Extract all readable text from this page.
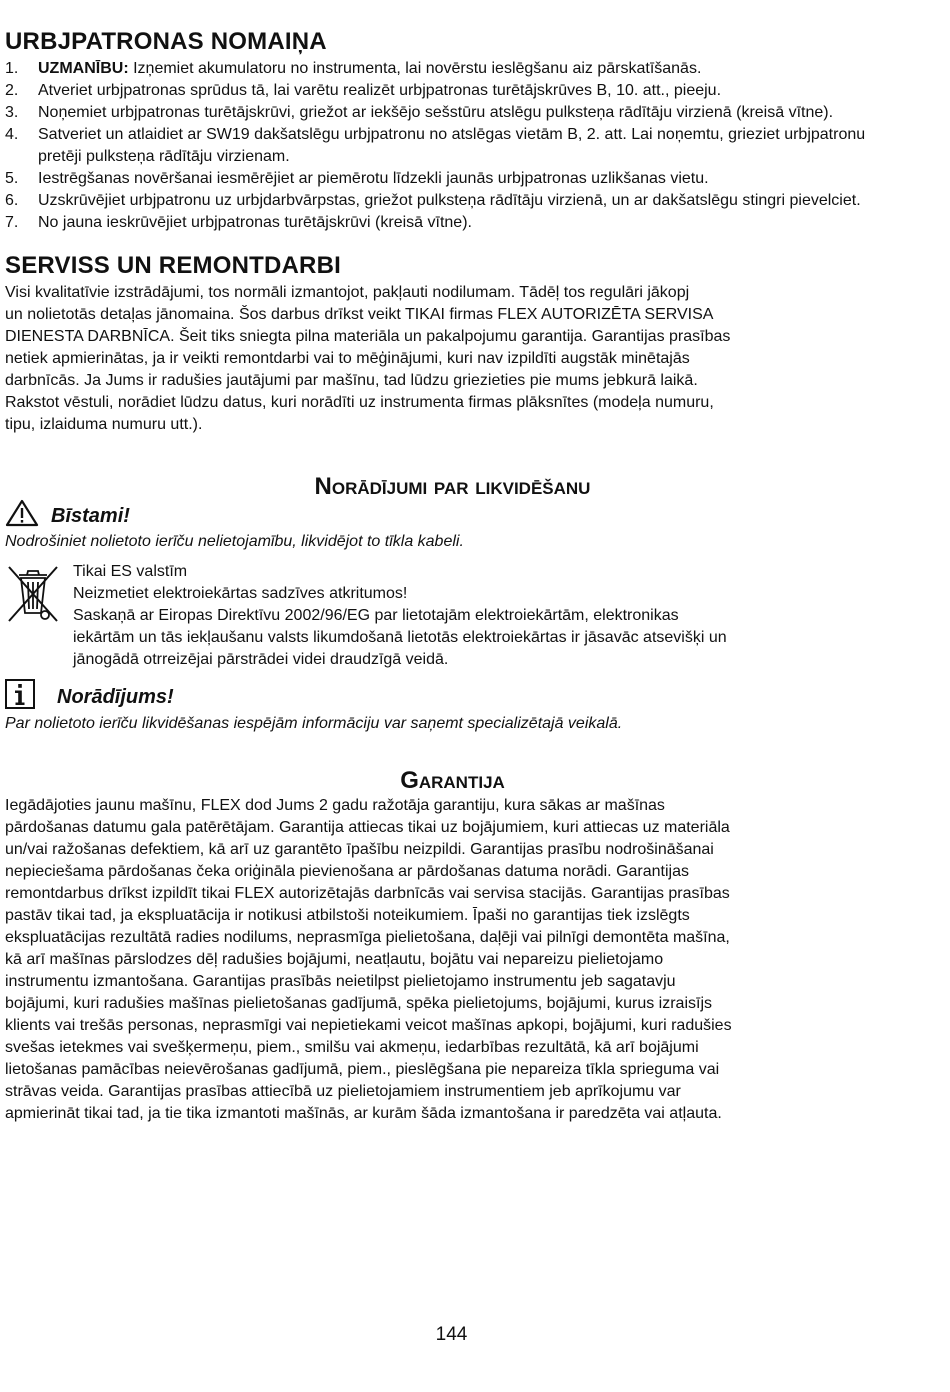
URBJPATRONAS NOMAIŅA
1.	UZMANĪBU: Izņemiet akumulatoru no instrumenta, lai novērstu ieslēgšanu aiz pārskatīšanās.
2.	Atveriet urbjpatronas sprūdus tā, lai varētu realizēt urbjpatronas turētājskrūves B, 10. att., pieeju.
3.	Noņemiet urbjpatronas turētājskrūvi, griežot ar iekšējo sešstūru atslēgu pulksteņa rādītāju virzienā (kreisā vītne).
4.	Satveriet un atlaidiet ar SW19 dakšatslēgu urbjpatronu no atslēgas vietām B, 2. att. Lai noņemtu, grieziet urbjpatronu pretēji pulksteņa rādītāju virzienam.
5.	Iestrēgšanas novēršanai iesmērējiet ar piemērotu līdzekli jaunās urbjpatronas uzlikšanas vietu.
6.	Uzskrūvējiet urbjpatronu uz urbjdarbvārpstas, griežot pulksteņa rādītāju virzienā, un ar dakšatslēgu stingri pievelciet.
7.	No jauna ieskrūvējiet urbjpatronas turētājskrūvi (kreisā vītne).
SERVISS UN REMONTDARBI
Visi kvalitatīvie izstrādājumi, tos normāli izmantojot, pakļauti nodilumam. Tādēļ tos regulāri jākopj
un nolietotās detaļas jānomaina. Šos darbus drīkst veikt TIKAI firmas FLEX AUTORIZĒTA SERVISA
DIENESTA DARBNĪCA. Šeit tiks sniegta pilna materiāla un pakalpojumu garantija. Garantijas prasības
netiek apmierinātas, ja ir veikti remontdarbi vai to mēģinājumi, kuri nav izpildīti augstāk minētajās
darbnīcās. Ja Jums ir radušies jautājumi par mašīnu, tad lūdzu griezieties pie mums jebkurā laikā.
Rakstot vēstuli, norādiet lūdzu datus, kuri norādīti uz instrumenta firmas plāksnītes (modeļa numuru,
tipu, izlaiduma numuru utt.).
Norādījumi par likvidēšanu
Bīstami!

Nodrošiniet nolietoto ierīču nelietojamību, likvidējot to tīkla kabeli.

Tikai ES valstīm
Neizmetiet elektroiekārtas sadzīves atkritumos!
Saskaņā ar Eiropas Direktīvu 2002/96/EG par lietotajām elektroiekārtām, elektronikas
iekārtām un tās iekļaušanu valsts likumdošanā lietotās elektroiekārtas ir jāsavāc atsevišķi un
jānogādā otrreizējai pārstrādei videi draudzīgā veidā.
Norādījums!

Par nolietoto ierīču likvidēšanas iespējām informāciju var saņemt specializētajā veikalā.

Garantija
Iegādājoties jaunu mašīnu, FLEX dod Jums 2 gadu ražotāja garantiju, kura sākas ar mašīnas
pārdošanas datumu gala patērētājam. Garantija attiecas tikai uz bojājumiem, kuri attiecas uz materiāla
un/vai ražošanas defektiem, kā arī uz garantēto īpašību neizpildi. Garantijas prasību nodrošināšanai
nepieciešama pārdošanas čeka oriģināla pievienošana ar pārdošanas datuma norādi. Garantijas
remontdarbus drīkst izpildīt tikai FLEX autorizētajās darbnīcās vai servisa stacijās. Garantijas prasības
pastāv tikai tad, ja ekspluatācija ir notikusi atbilstoši noteikumiem. Īpaši no garantijas tiek izslēgts
ekspluatācijas rezultātā radies nodilums, neprasmīga pielietošana, daļēji vai pilnīgi demontēta mašīna,
kā arī mašīnas pārslodzes dēļ radušies bojājumi, neatļautu, bojātu vai nepareizu pielietojamo
instrumentu izmantošana. Garantijas prasībās neietilpst pielietojamo instrumentu jeb sagatavju
bojājumi, kuri radušies mašīnas pielietošanas gadījumā, spēka pielietojums, bojājumi, kurus izraisījs
klients vai trešās personas, neprasmīgi vai nepietiekami veicot mašīnas apkopi, bojājumi, kuri radušies
svešas ietekmes vai svešķermeņu, piem., smilšu vai akmeņu, iedarbības rezultātā, kā arī bojājumi
lietošanas pamācības neievērošanas gadījumā, piem., pieslēgšana pie nepareiza tīkla sprieguma vai
strāvas veida. Garantijas prasības attiecībā uz pielietojamiem instrumentiem jeb aprīkojumu var
apmierināt tikai tad, ja tie tika izmantoti mašīnās, ar kurām šāda izmantošana ir paredzēta vai atļauta.
144
